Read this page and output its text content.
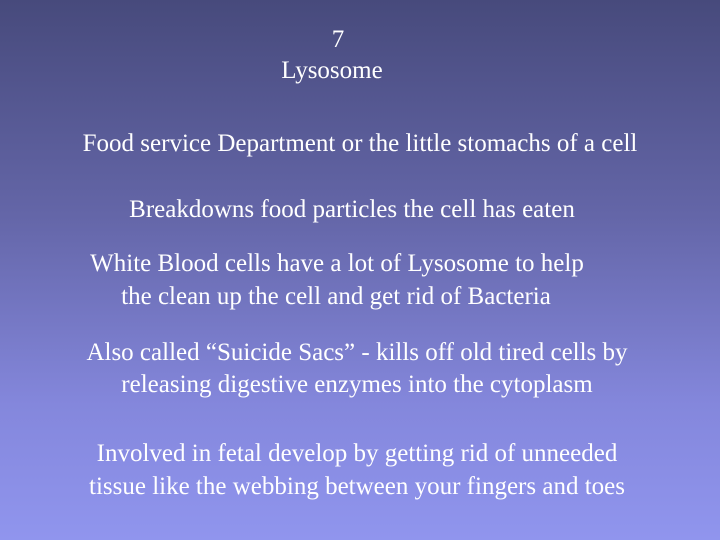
7
Lysosome
Food service Department or the little stomachs of a cell
Breakdowns food particles the cell has eaten
White Blood cells have a lot of Lysosome to help
the clean up the cell and get rid of Bacteria
Also called “Suicide Sacs” - kills off old tired cells by
releasing digestive enzymes into the cytoplasm
Involved in fetal develop by getting rid of unneeded
tissue like the webbing between your fingers and toes
